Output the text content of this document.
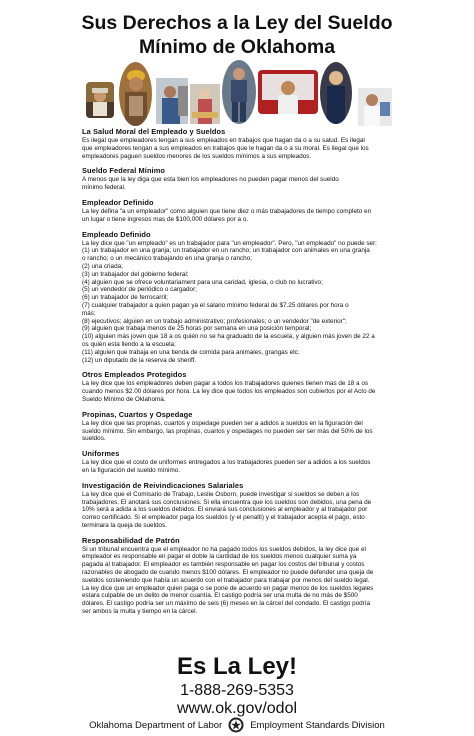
Sus Derechos a la Ley del Sueldo
Mínimo de Oklahoma
La Salud Moral del Empleado y Sueldos
Es ilegal que empleadores tengan a sus empleados en trabajos que hagan da o a su salud. Es ilegal
que empleadores tengan a sus empleados en trabajos que le hagan da o a su moral. Es ilegal que los
empleadores paguen sueldos menores de los sueldos mínimos a sus empleados.
Sueldo Federal Mínimo
A menos que la ley diga que esta bien los empleadores no pueden pagar menos del sueldo
mínimo federal.
Empleador Definido
La ley defina "a un empleador" como alguien que tiene diez o más trabajadores de tiempo completo en
un lugar o tiene ingresos mas de $100,000 dólares por a o.
Empleado Definido
La ley dice que "un empleado" es un trabajador para "un empleador". Pero, "un empleado" no puede ser:
(1) un trabajador en una granja; un trabajador en un rancho; un trabajador con animales en una granja
o rancho; o un mecánico trabajando en una granja o rancho;
(2) una criada;
(3) un trabajador del gobierno federal;
(4) alguien que se ofrece voluntariament para una caridad, iglesia, o club no lucrativo;
(5) un vendedor de periódico o cargador;
(6) un trabajador de ferrocarril;
(7) cualquier trabajador a quien pagan ya el salario mínimo federal de $7.25 dólares por hora o
más;
(8) ejecutivos; alguien en un trabajo administrativo; profesionales; o un vendedor "de exterior";
(9) alguien que trabaja menos de 25 horas por semana en una posición temporal;
(10) alguien más joven que 18 a os quién no se ha graduado de la escuela, y alguien más joven de 22 a
os quién esta llendo a la escuela;
(11) alguien que trabaja en una tienda de comida para animales, grangas etc.
(12) un diputado de la reserva de sheriff.
Otros Empleados Protegidos
La ley dice que los empleadores deben pagar a todos los trabajadores quienes tienen mas de 18 a os
cuando menos $2.00 dólares por hora. La ley dice que todos los empleados son cubiertos por el Acto de
Sueldo Mínimo de Oklahoma.
Propinas, Cuartos y Ospedage
La ley dice que las propinas, cuartos y ospedage pueden ser a adidos a sueldos en la figuración del
sueldo mínimo. Sin embargo, las propinas, cuartos y ospedages no pueden ser ser más del 50% de los
sueldos.
Uniformes
La ley dice que el costo de uniformes entregados a los trabajadores pueden ser a adidos a los sueldos
en la figuración del sueldo mínimo.
Investigación de Reivindicaciones Salariales
La ley dice que el Comisario de Trabajo, Leslie Osborn, puede investigar si sueldos se deben a los
trabajadores. El anotará sus conclusiones. Si ella encuentra que los sueldos son debidos, una pena de
10% será a adida a los sueldos debidos. El enviará sus conclusiones al empleador y al trabajador por
correo certificado. Si el empleador paga los sueldos (y el penalti) y el trabajador acepta el pago, esto
terminara la queja de sueldos.
Responsabilidad de Patrón
Si un tribunal encuentra que el empleador no ha pagado todos los sueldos debidos, la ley dice que el
empleador es responsable en pagar el doble la cantidad de los sueldos menos cualquier suma ya
pagada al trabajador. El empleador es también responsable en pagar los costos del tribunal y costos
razonables de abogado de cuando menos $100 dólares. El empleador no puede defender una queja de
sueldos sosteniendo que había un acuerdo con el trabajador para trabajar por menos del sueldo legal.
La ley dice que un empleador quien paga o se pone de acuerdo en pagar menos de los sueldos legales
estara culpable de un delito de menor cuantía. El castigo podría ser una multa de no más de $500
dólares. El castigo podría ser un máximo de seis (6) meses en la cárcel del condado. El castigo podría
ser ambos la multa y tiempo en la cárcel.
Es La Ley!
1-888-269-5353
www.ok.gov/odol
Oklahoma Department of Labor	Employment Standards Division
